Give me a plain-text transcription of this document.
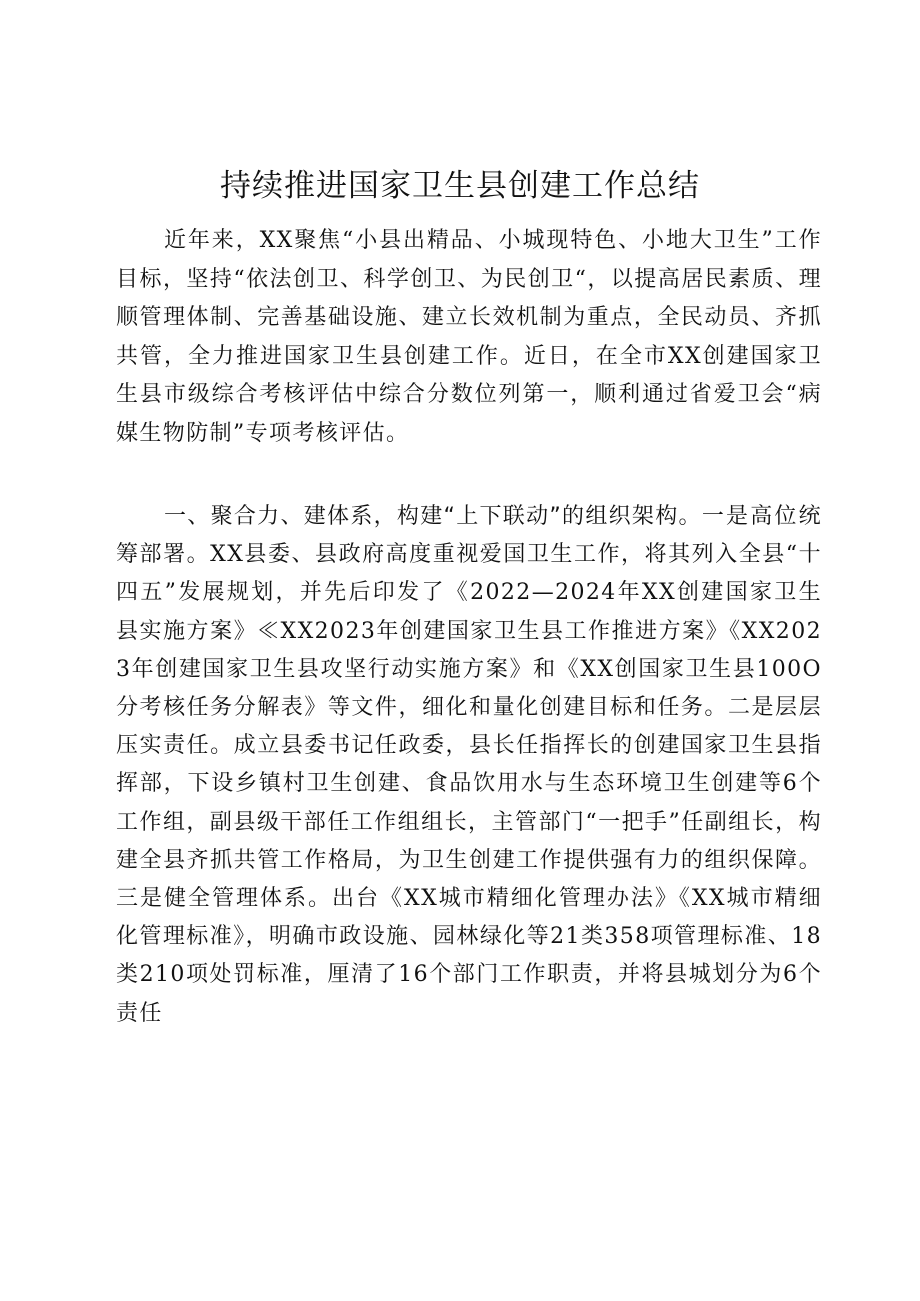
持续推进国家卫生县创建工作总结

近年来，XX聚焦“小县出精品、小城现特色、小地大卫生”工作目标，坚持“依法创卫、科学创卫、为民创卫“，以提高居民素质、理顺管理体制、完善基础设施、建立长效机制为重点，全民动员、齐抓共管，全力推进国家卫生县创建工作。近日，在全市XX创建国家卫生县市级综合考核评估中综合分数位列第一，顺利通过省爱卫会“病媒生物防制”专项考核评估。

一、聚合力、建体系，构建“上下联动”的组织架构。一是高位统筹部署。XX县委、县政府高度重视爱国卫生工作，将其列入全县“十四五”发展规划，并先后印发了《2022—2024年XX创建国家卫生县实施方案》≪XX2023年创建国家卫生县工作推进方案》《XX2023年创建国家卫生县攻坚行动实施方案》和《XX创国家卫生县100O分考核任务分解表》等文件，细化和量化创建目标和任务。二是层层压实责任。成立县委书记任政委，县长任指挥长的创建国家卫生县指挥部，下设乡镇村卫生创建、食品饮用水与生态环境卫生创建等6个工作组，副县级干部任工作组组长，主管部门“一把手”任副组长，构建全县齐抓共管工作格局，为卫生创建工作提供强有力的组织保障。三是健全管理体系。出台《XX城市精细化管理办法》《XX城市精细化管理标准》，明确市政设施、园林绿化等21类358项管理标准、18类210项处罚标准，厘清了16个部门工作职责，并将县城划分为6个责任
